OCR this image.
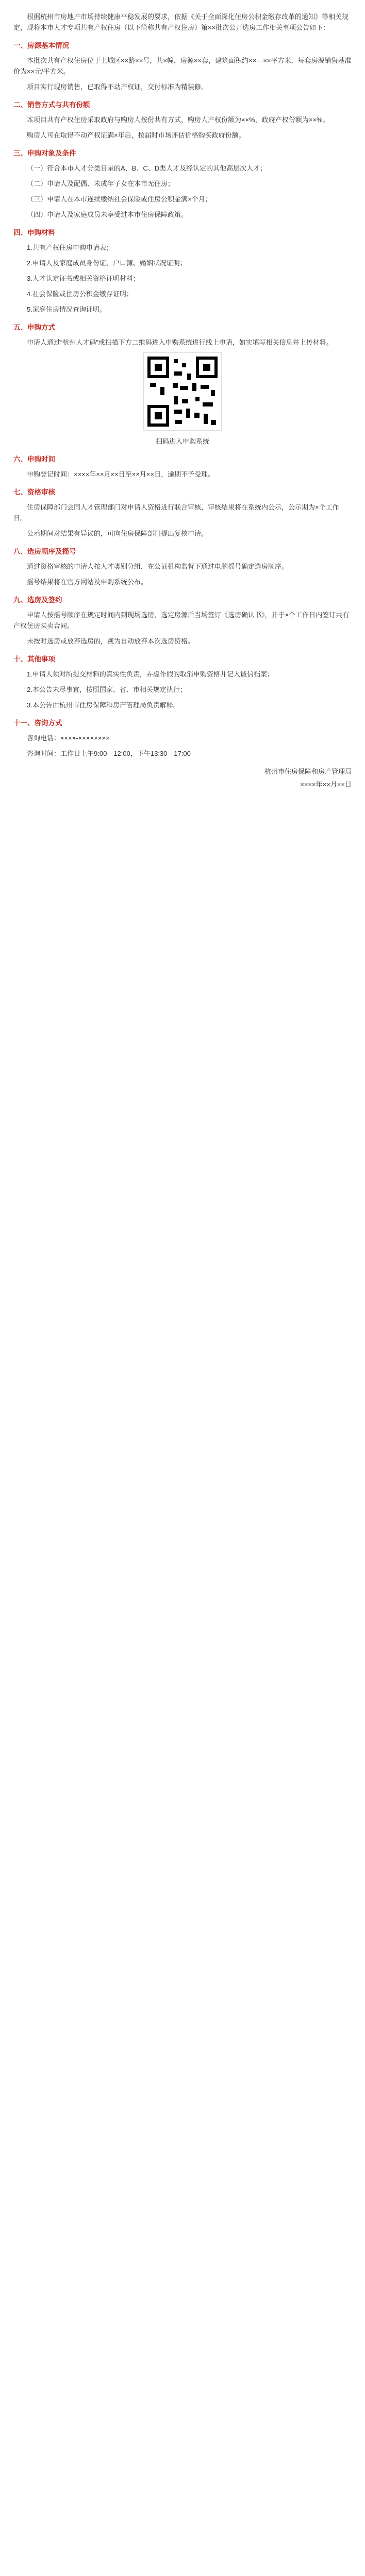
根据杭州市房地产市场持续健康平稳发展的要求，依据《关于全面深化住房公积金缴存改革的通知》等相关规定，现将本市人才专项共有产权住房（以下简称共有产权住房）第××批次公开选房工作相关事项公告如下：

一、房源基本情况

本批次共有产权住房位于上城区××路××号，共×幢，房源××套，建筑面积约××—××平方米，每套房源销售基准价为××元/平方米。

项目实行现房销售，已取得不动产权证，交付标准为精装修。

二、销售方式与共有份额

本项目共有产权住房采取政府与购房人按份共有方式，购房人产权份额为××%，政府产权份额为××%。

购房人可在取得不动产权证满×年后，按届时市场评估价格购买政府份额。

三、申购对象及条件

（一）符合本市人才分类目录的A、B、C、D类人才及经认定的其他高层次人才；

（二）申请人及配偶、未成年子女在本市无住房；

（三）申请人在本市连续缴纳社会保险或住房公积金满×个月；

（四）申请人及家庭成员未享受过本市住房保障政策。

四、申购材料

1.共有产权住房申购申请表；

2.申请人及家庭成员身份证、户口簿、婚姻状况证明；

3.人才认定证书或相关资格证明材料；

4.社会保险或住房公积金缴存证明；

5.家庭住房情况查询证明。

五、申购方式

申请人通过“杭州人才码”或扫描下方二维码进入申购系统进行线上申请，如实填写相关信息并上传材料。

扫码进入申购系统

六、申购时间

申购登记时间：××××年××月××日至××月××日，逾期不予受理。

七、资格审核

住房保障部门会同人才管理部门对申请人资格进行联合审核，审核结果将在系统内公示，公示期为×个工作日。

公示期间对结果有异议的，可向住房保障部门提出复核申请。

八、选房顺序及摇号

通过资格审核的申请人按人才类别分组，在公证机构监督下通过电脑摇号确定选房顺序。

摇号结果将在官方网站及申购系统公布。

九、选房及签约

申请人按摇号顺序在规定时间内到现场选房，选定房源后当场签订《选房确认书》，并于×个工作日内签订共有产权住房买卖合同。

未按时选房或放弃选房的，视为自动放弃本次选房资格。

十、其他事项

1.申请人须对所提交材料的真实性负责，弄虚作假的取消申购资格并记入诚信档案；

2.本公告未尽事宜，按照国家、省、市相关规定执行；

3.本公告由杭州市住房保障和房产管理局负责解释。

十一、咨询方式

咨询电话：××××-××××××××

咨询时间：工作日上午9:00—12:00，下午13:30—17:00

杭州市住房保障和房产管理局

××××年××月××日
